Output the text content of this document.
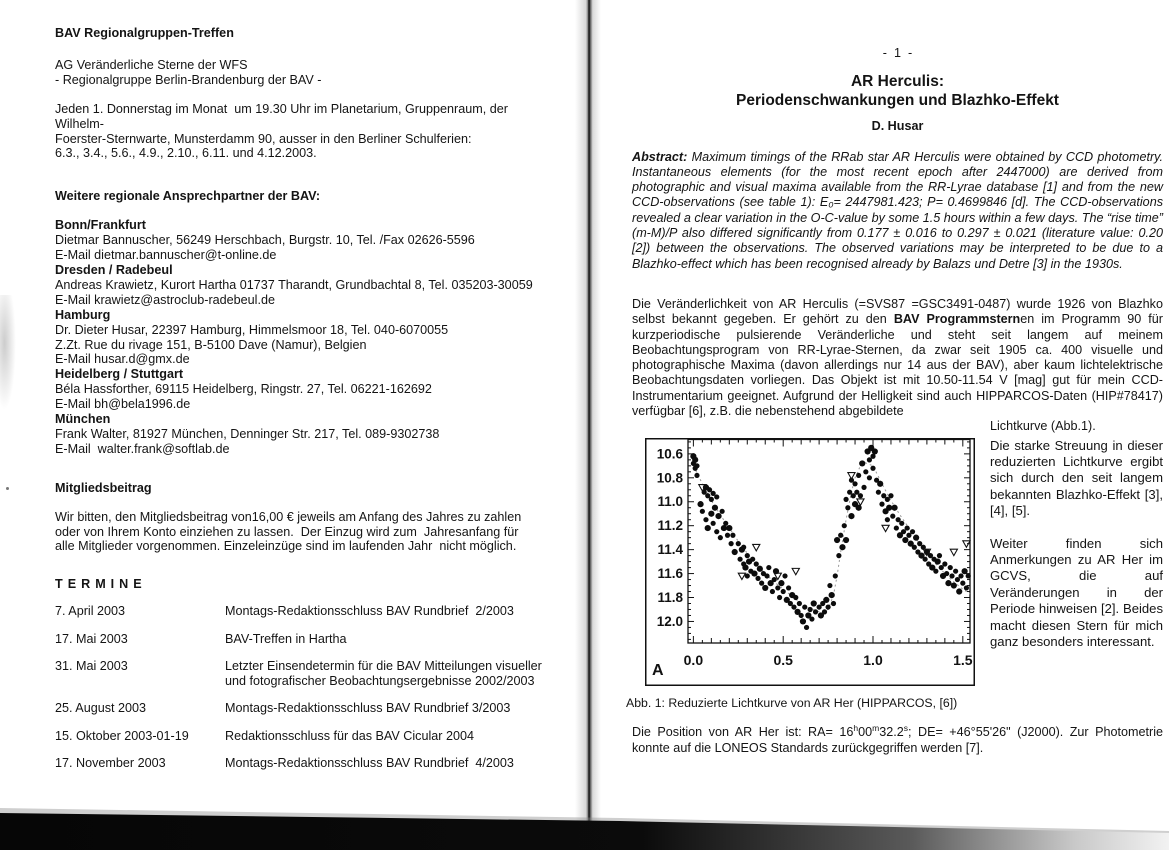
BAV Regionalgruppen-Treffen
AG Veränderliche Sterne der WFS
- Regionalgruppe Berlin-Brandenburg der BAV -
Jeden 1. Donnerstag im Monat  um 19.30 Uhr im Planetarium, Gruppenraum, der Wilhelm-
Foerster-Sternwarte, Munsterdamm 90, ausser in den Berliner Schulferien:
6.3., 3.4., 5.6., 4.9., 2.10., 6.11. und 4.12.2003.
Weitere regionale Ansprechpartner der BAV:
Bonn/Frankfurt
Dietmar Bannuscher, 56249 Herschbach, Burgstr. 10, Tel. /Fax 02626-5596
E-Mail dietmar.bannuscher@t-online.de
Dresden / Radebeul
Andreas Krawietz, Kurort Hartha 01737 Tharandt, Grundbachtal 8, Tel. 035203-30059
E-Mail krawietz@astroclub-radebeul.de
Hamburg
Dr. Dieter Husar, 22397 Hamburg, Himmelsmoor 18, Tel. 040-6070055
Z.Zt. Rue du rivage 151, B-5100 Dave (Namur), Belgien
E-Mail husar.d@gmx.de
Heidelberg / Stuttgart
Béla Hassforther, 69115 Heidelberg, Ringstr. 27, Tel. 06221-162692
E-Mail bh@bela1996.de
München
Frank Walter, 81927 München, Denninger Str. 217, Tel. 089-9302738
E-Mail  walter.frank@softlab.de
Mitgliedsbeitrag
Wir bitten, den Mitgliedsbeitrag von16,00 € jeweils am Anfang des Jahres zu zahlen
oder von Ihrem Konto einziehen zu lassen.  Der Einzug wird zum  Jahresanfang für
alle Mitglieder vorgenommen. Einzeleinzüge sind im laufenden Jahr  nicht möglich.
TERMINE
7. April 2003	Montags-Redaktionsschluss BAV Rundbrief  2/2003
17. Mai 2003	BAV-Treffen in Hartha
31. Mai 2003	Letzter Einsendetermin für die BAV Mitteilungen visueller
und fotografischer Beobachtungsergebnisse 2002/2003
25. August 2003	Montags-Redaktionsschluss BAV Rundbrief 3/2003
15. Oktober 2003-01-19	Redaktionsschluss für das BAV Cicular 2004
17. November 2003	Montags-Redaktionsschluss BAV Rundbrief  4/2003
-  1  -
AR Herculis:
Periodenschwankungen und Blazhko-Effekt
D. Husar
Abstract: Maximum timings of the RRab star AR Herculis were obtained by CCD photometry. Instantaneous elements (for the most recent epoch after 2447000) are derived from photographic and visual maxima available from the RR-Lyrae database [1] and from the new CCD-observations (see table 1): E₀= 2447981.423; P= 0.4699846 [d]. The CCD-observations revealed a clear variation in the O-C-value by some 1.5 hours within a few days. The “rise time” (m-M)/P also differed significantly from 0.177 ± 0.016 to 0.297 ± 0.021 (literature value: 0.20 [2]) between the observations. The observed variations may be interpreted to be due to a Blazhko-effect which has been recognised already by Balazs und Detre [3] in the 1930s.
Die Veränderlichkeit von AR Herculis (=SVS87 =GSC3491-0487) wurde 1926 von Blazhko selbst bekannt gegeben. Er gehört zu den BAV Programmsternen im Programm 90 für kurzperiodische pulsierende Veränderliche und steht seit langem auf meinem Beobachtungsprogram von RR-Lyrae-Sternen, da zwar seit 1905 ca. 400 visuelle und photographische Maxima (davon allerdings nur 14 aus der BAV), aber kaum lichtelektrische Beobachtungsdaten vorliegen. Das Objekt ist mit 10.50-11.54 V [mag] gut für mein CCD-Instrumentarium geeignet. Aufgrund der Helligkeit sind auch HIPPARCOS-Daten (HIP#78417) verfügbar [6], z.B. die nebenstehend abgebildete
Lichtkurve (Abb.1).
10.6
10.8
11.0
11.2
11.4
11.6
11.8
12.0
0.0	0.5	1.0	1.5
A
Die starke Streuung in dieser reduzierten Lichtkurve ergibt sich durch den seit langem bekannten Blazhko-Effekt [3], [4], [5].
Weiter finden sich Anmerkungen zu AR Her im GCVS, die auf Veränderungen in der Periode hinweisen [2]. Beides macht diesen Stern für mich ganz besonders interessant.
Abb. 1: Reduzierte Lichtkurve von AR Her (HIPPARCOS, [6])
Die Position von AR Her ist: $RA= 16^h00^m32.2^s$; DE= +46°55'26" (J2000). Zur Photometrie konnte auf die LONEOS Standards zurückgegriffen werden [7].
